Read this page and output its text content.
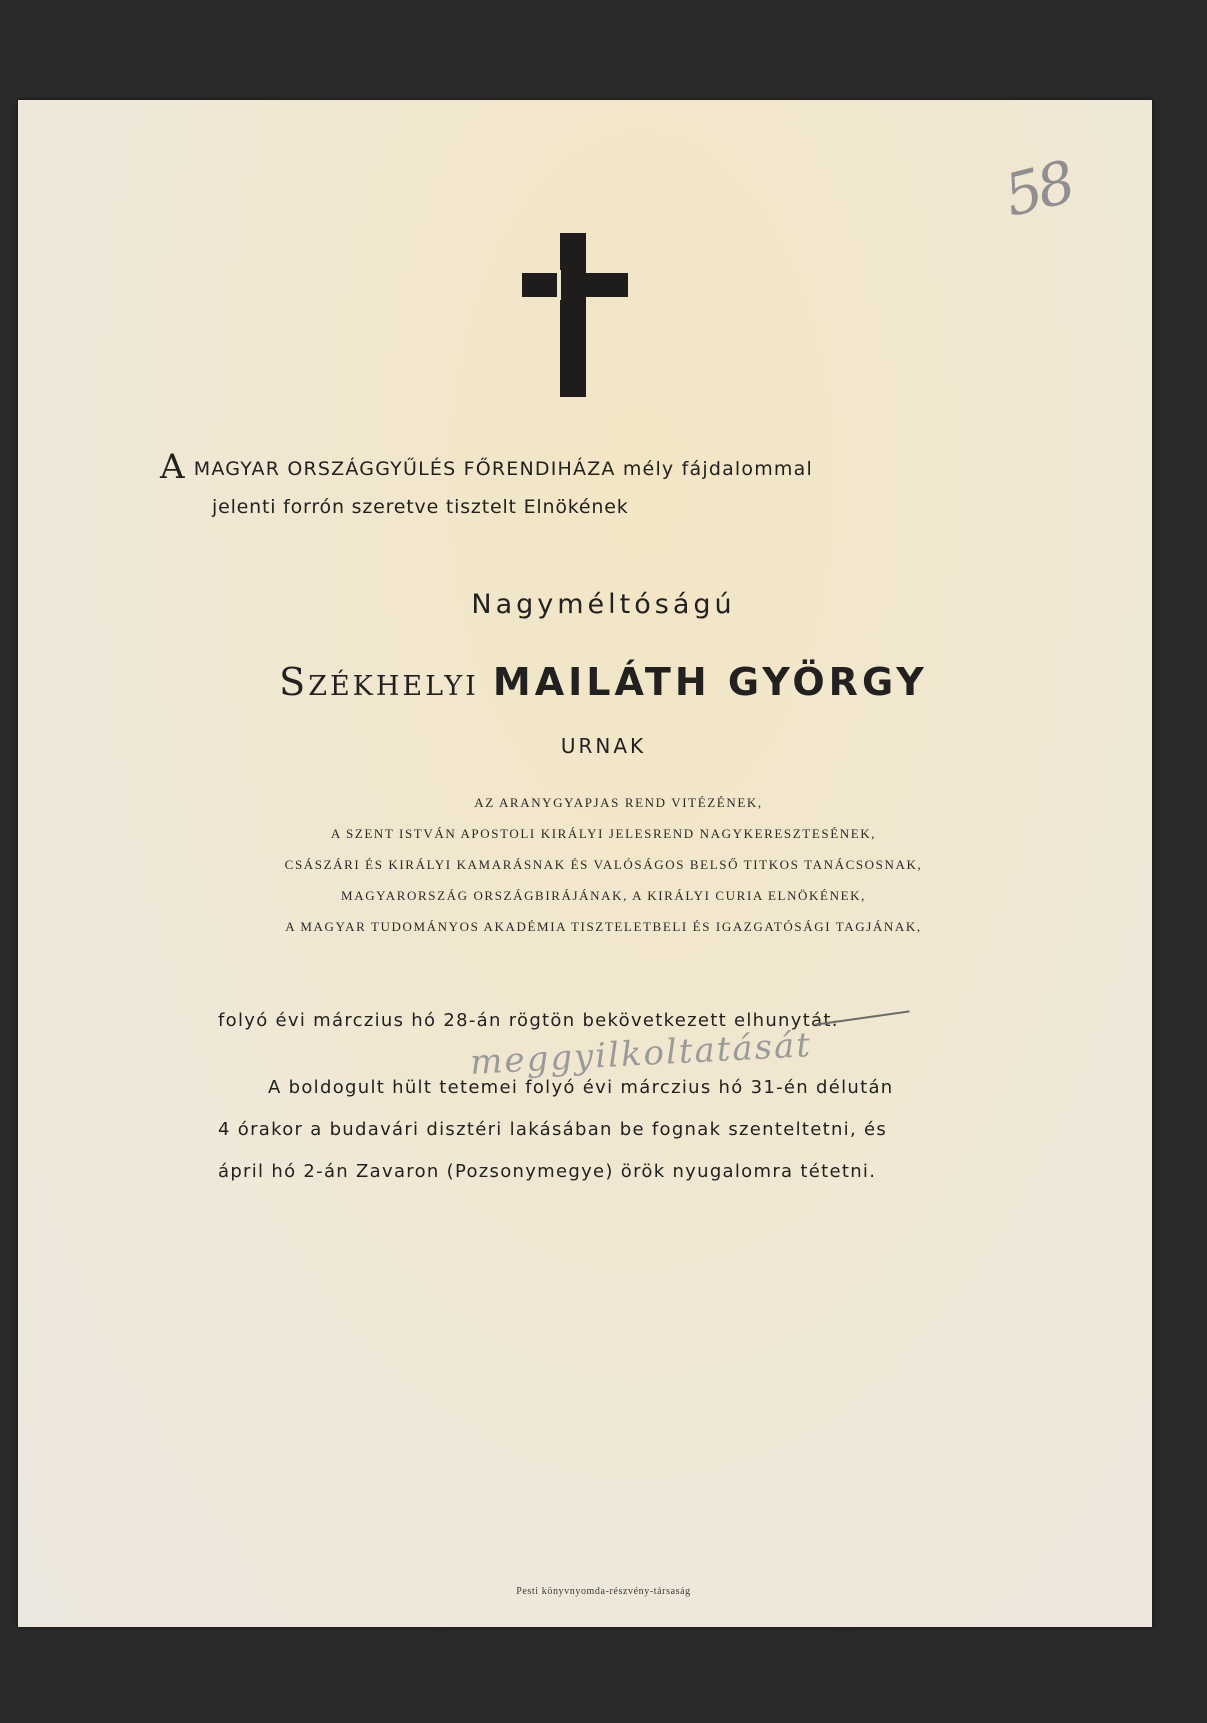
58
AMAGYAR ORSZÁGGYŰLÉS FŐRENDIHÁZA mély fájdalommal
jelenti forrón szeretve tisztelt Elnökének
Nagyméltóságú
Székhelyi MAILÁTH GYÖRGY
URNAK
AZ ARANYGYAPJAS REND VITÉZÉNEK,
A SZENT ISTVÁN APOSTOLI KIRÁLYI JELESREND NAGYKERESZTESÉNEK,
CSÁSZÁRI ÉS KIRÁLYI KAMARÁSNAK ÉS VALÓSÁGOS BELSŐ TITKOS TANÁCSOSNAK,
MAGYARORSZÁG ORSZÁGBIRÁJÁNAK, A KIRÁLYI CURIA ELNÖKÉNEK,
A MAGYAR TUDOMÁNYOS AKADÉMIA TISZTELETBELI ÉS IGAZGATÓSÁGI TAGJÁNAK,
folyó évi márczius hó 28-án rögtön bekövetkezett elhunytát.
meggyilkoltatását
A boldogult hült tetemei folyó évi márczius hó 31-én délután
4 órakor a budavári disztéri lakásában be fognak szenteltetni, és
ápril hó 2-án Zavaron (Pozsonymegye) örök nyugalomra tétetni.
Pesti könyvnyomda-részvény-társaság
